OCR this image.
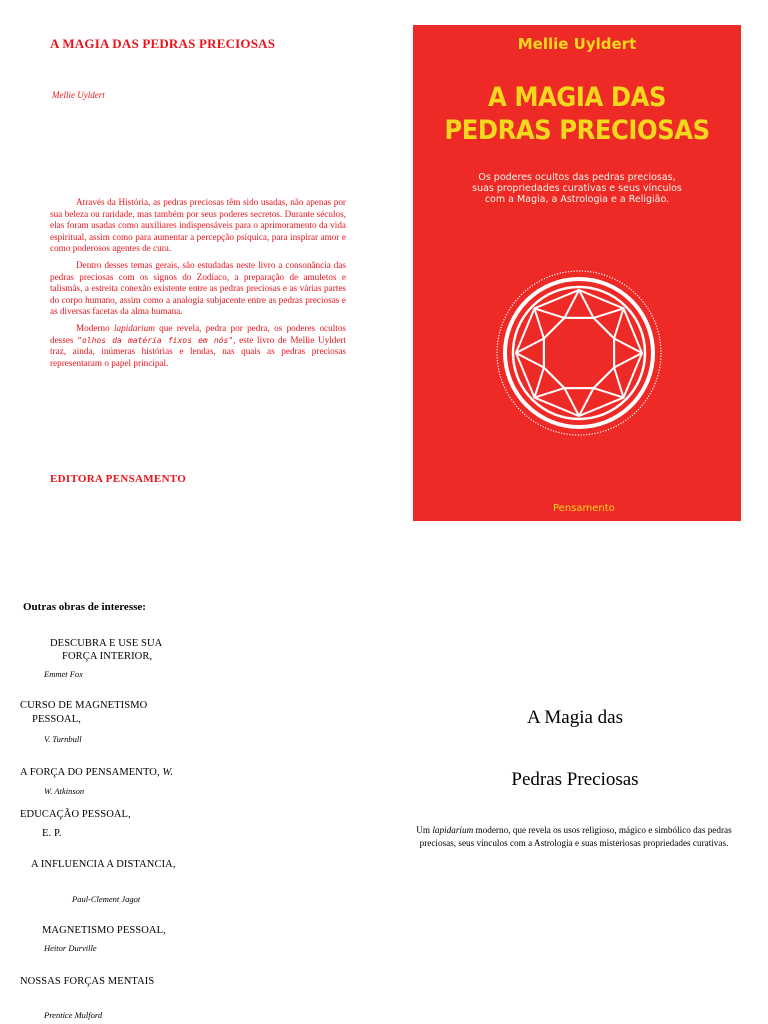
A MAGIA DAS PEDRAS PRECIOSAS
Mellie Uyldert

Através da História, as pedras preciosas têm sido usadas, não apenas por sua beleza ou raridade, mas também por seus poderes secretos. Durante séculos, elas foram usadas como auxiliares indispensáveis para o aprimoramento da vida espiritual, assim como para aumentar a percepção psíquica, para inspirar amor e como poderosos agentes de cura.

Dentro desses temas gerais, são estudadas neste livro a consonância das pedras preciosas com os signos do Zodíaco, a preparação de amuletos e talismãs, a estreita conexão existente entre as pedras preciosas e as várias partes do corpo humano, assim como a analogia subjacente entre as pedras preciosas e as diversas facetas da alma humana.

Moderno lapidarium que revela, pedra por pedra, os poderes ocultos desses "olhos da matéria fixos em nós", este livro de Mellie Uyldert traz, ainda, inúmeras histórias e lendas, nas quais as pedras preciosas representaram o papel principal.

EDITORA PENSAMENTO
Mellie Uyldert
A MAGIA DAS
PEDRAS PRECIOSAS
Os poderes ocultos das pedras preciosas,
suas propriedades curativas e seus vínculos
com a Magia, a Astrologia e a Religião.
Pensamento
Outras obras de interesse:
DESCUBRA E USE SUA
FORÇA INTERIOR,
Emmet Fox
CURSO DE MAGNETISMO
PESSOAL,
V. Turnbull
A FORÇA DO PENSAMENTO, W.
W. Atkinson
EDUCAÇÃO PESSOAL,
E. P.
A INFLUENCIA A DISTANCIA,
Paul-Clement Jagot
MAGNETISMO PESSOAL,
Heitor Durville
NOSSAS FORÇAS MENTAIS
Prentice Mulford
A Magia das
Pedras Preciosas
Um lapidarium moderno, que revela os usos religioso, mágico e simbólico das pedras preciosas, seus vínculos com a Astrologia e suas misteriosas propriedades curativas.
